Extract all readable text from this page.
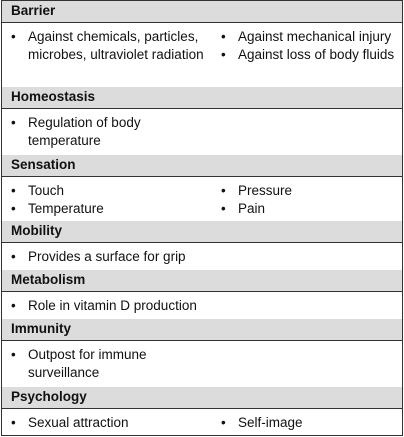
Barrier
• Against chemicals, particles, microbes, ultraviolet radiation
• Against mechanical injury
• Against loss of body fluids
Homeostasis
• Regulation of body temperature
Sensation
• Touch
• Temperature
• Pressure
• Pain
Mobility
• Provides a surface for grip
Metabolism
• Role in vitamin D production
Immunity
• Outpost for immune surveillance
Psychology
• Sexual attraction	• Self-image
